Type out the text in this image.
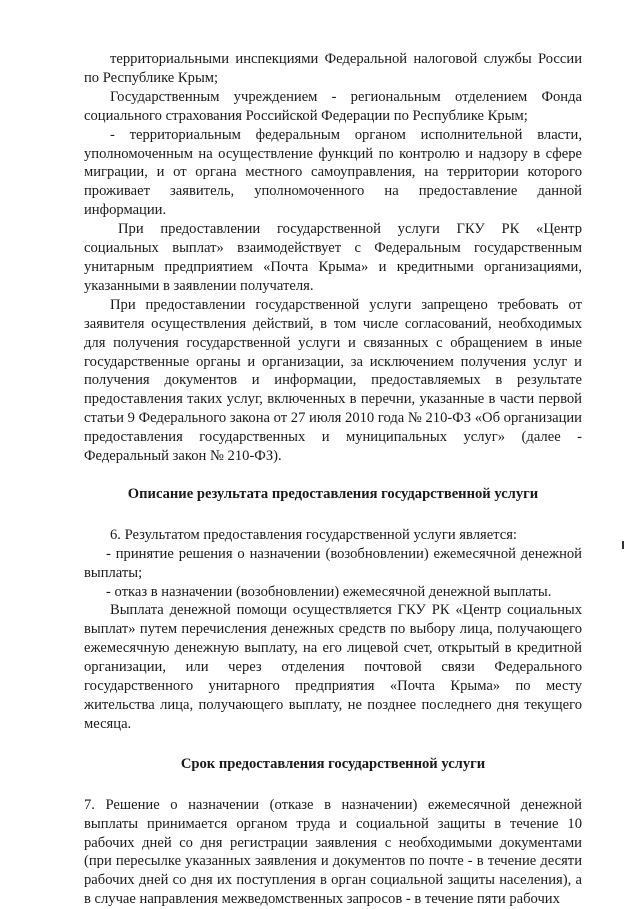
территориальными инспекциями Федеральной налоговой службы России по Республике Крым;

Государственным учреждением - региональным отделением Фонда социального страхования Российской Федерации по Республике Крым;

- территориальным федеральным органом исполнительной власти, уполномоченным на осуществление функций по контролю и надзору в сфере миграции, и от органа местного самоуправления, на территории которого проживает заявитель, уполномоченного на предоставление данной информации.

При предоставлении государственной услуги ГКУ РК «Центр социальных выплат» взаимодействует с Федеральным государственным унитарным предприятием «Почта Крыма» и кредитными организациями, указанными в заявлении получателя.

При предоставлении государственной услуги запрещено требовать от заявителя осуществления действий, в том числе согласований, необходимых для получения государственной услуги и связанных с обращением в иные государственные органы и организации, за исключением получения услуг и получения документов и информации, предоставляемых в результате предоставления таких услуг, включенных в перечни, указанные в части первой статьи 9 Федерального закона от 27 июля 2010 года № 210-ФЗ «Об организации предоставления государственных и муниципальных услуг» (далее - Федеральный закон № 210-ФЗ).

Описание результата предоставления государственной услуги

6. Результатом предоставления государственной услуги является:

- принятие решения о назначении (возобновлении) ежемесячной денежной выплаты;

- отказ в назначении (возобновлении) ежемесячной денежной выплаты.

Выплата денежной помощи осуществляется ГКУ РК «Центр социальных выплат» путем перечисления денежных средств по выбору лица, получающего ежемесячную денежную выплату, на его лицевой счет, открытый в кредитной организации, или через отделения почтовой связи Федерального государственного унитарного предприятия «Почта Крыма» по месту жительства лица, получающего выплату, не позднее последнего дня текущего месяца.

Срок предоставления государственной услуги

7. Решение о назначении (отказе в назначении) ежемесячной денежной выплаты принимается органом труда и социальной защиты в течение 10 рабочих дней со дня регистрации заявления с необходимыми документами (при пересылке указанных заявления и документов по почте - в течение десяти рабочих дней со дня их поступления в орган социальной защиты населения), а в случае направления межведомственных запросов - в течение пяти рабочих
